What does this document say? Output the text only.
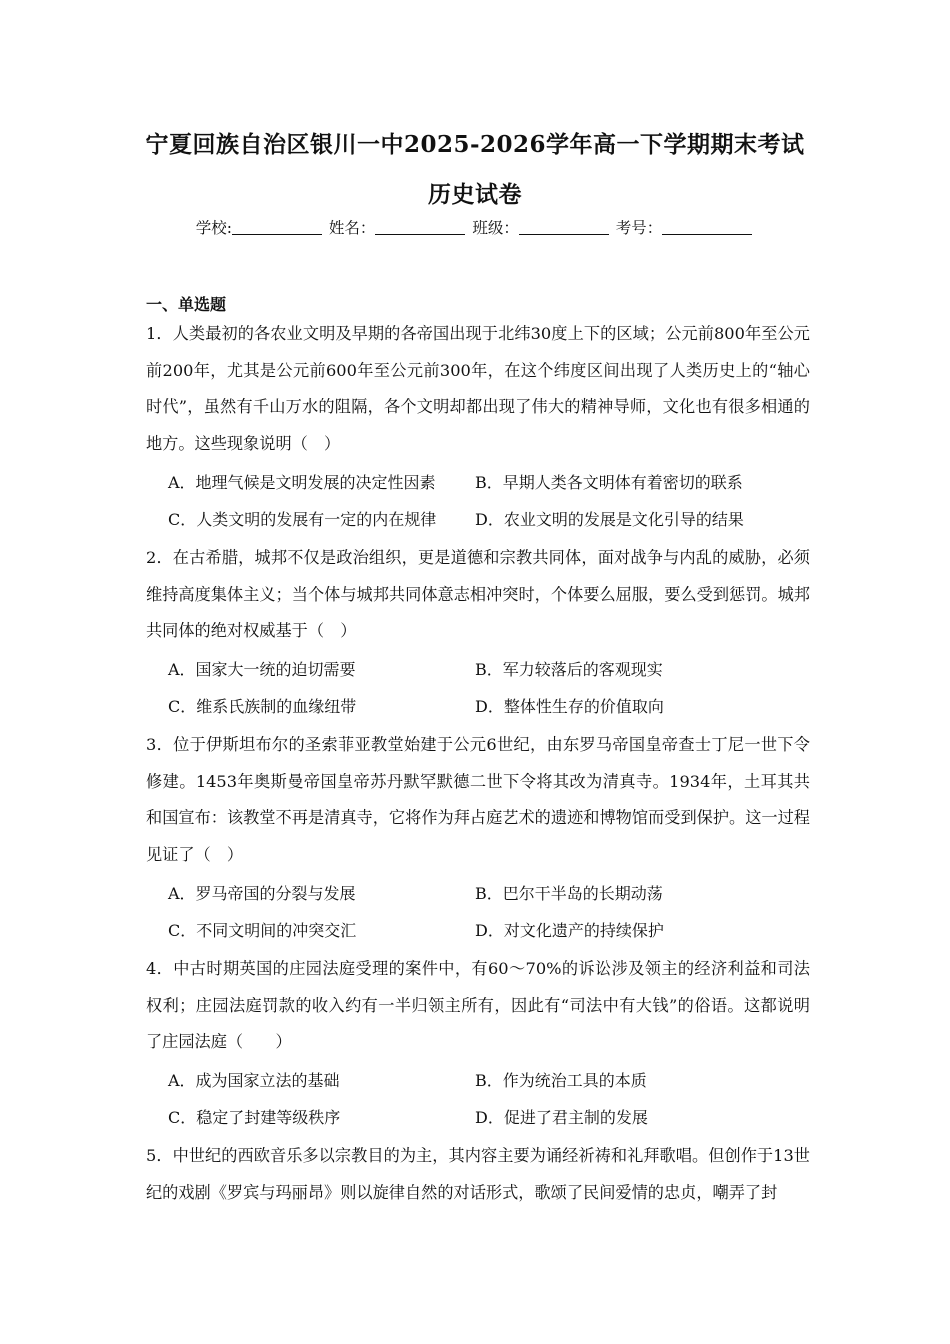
宁夏回族自治区银川一中2025-2026学年高一下学期期末考试
历史试卷
学校:	姓名：	班级：	考号：
一、单选题
1．人类最初的各农业文明及早期的各帝国出现于北纬30度上下的区域；公元前800年至公元前200年，尤其是公元前600年至公元前300年，在这个纬度区间出现了人类历史上的“轴心时代”，虽然有千山万水的阻隔，各个文明却都出现了伟大的精神导师，文化也有很多相通的地方。这些现象说明（　）
A．地理气候是文明发展的决定性因素 B．早期人类各文明体有着密切的联系
C．人类文明的发展有一定的内在规律 D．农业文明的发展是文化引导的结果
2．在古希腊，城邦不仅是政治组织，更是道德和宗教共同体，面对战争与内乱的威胁，必须维持高度集体主义；当个体与城邦共同体意志相冲突时，个体要么屈服，要么受到惩罚。城邦共同体的绝对权威基于（　）
A．国家大一统的迫切需要	B．军力较落后的客观现实
C．维系氏族制的血缘纽带	D．整体性生存的价值取向
3．位于伊斯坦布尔的圣索菲亚教堂始建于公元6世纪，由东罗马帝国皇帝查士丁尼一世下令修建。1453年奥斯曼帝国皇帝苏丹默罕默德二世下令将其改为清真寺。1934年，土耳其共和国宣布：该教堂不再是清真寺，它将作为拜占庭艺术的遗迹和博物馆而受到保护。这一过程见证了（　）
A．罗马帝国的分裂与发展	B．巴尔干半岛的长期动荡
C．不同文明间的冲突交汇	D．对文化遗产的持续保护
4．中古时期英国的庄园法庭受理的案件中，有60～70%的诉讼涉及领主的经济利益和司法权利；庄园法庭罚款的收入约有一半归领主所有，因此有“司法中有大钱”的俗语。这都说明了庄园法庭（　　）
A．成为国家立法的基础	B．作为统治工具的本质
C．稳定了封建等级秩序	D．促进了君主制的发展
5．中世纪的西欧音乐多以宗教目的为主，其内容主要为诵经祈祷和礼拜歌唱。但创作于13世纪的戏剧《罗宾与玛丽昂》则以旋律自然的对话形式，歌颂了民间爱情的忠贞，嘲弄了封
